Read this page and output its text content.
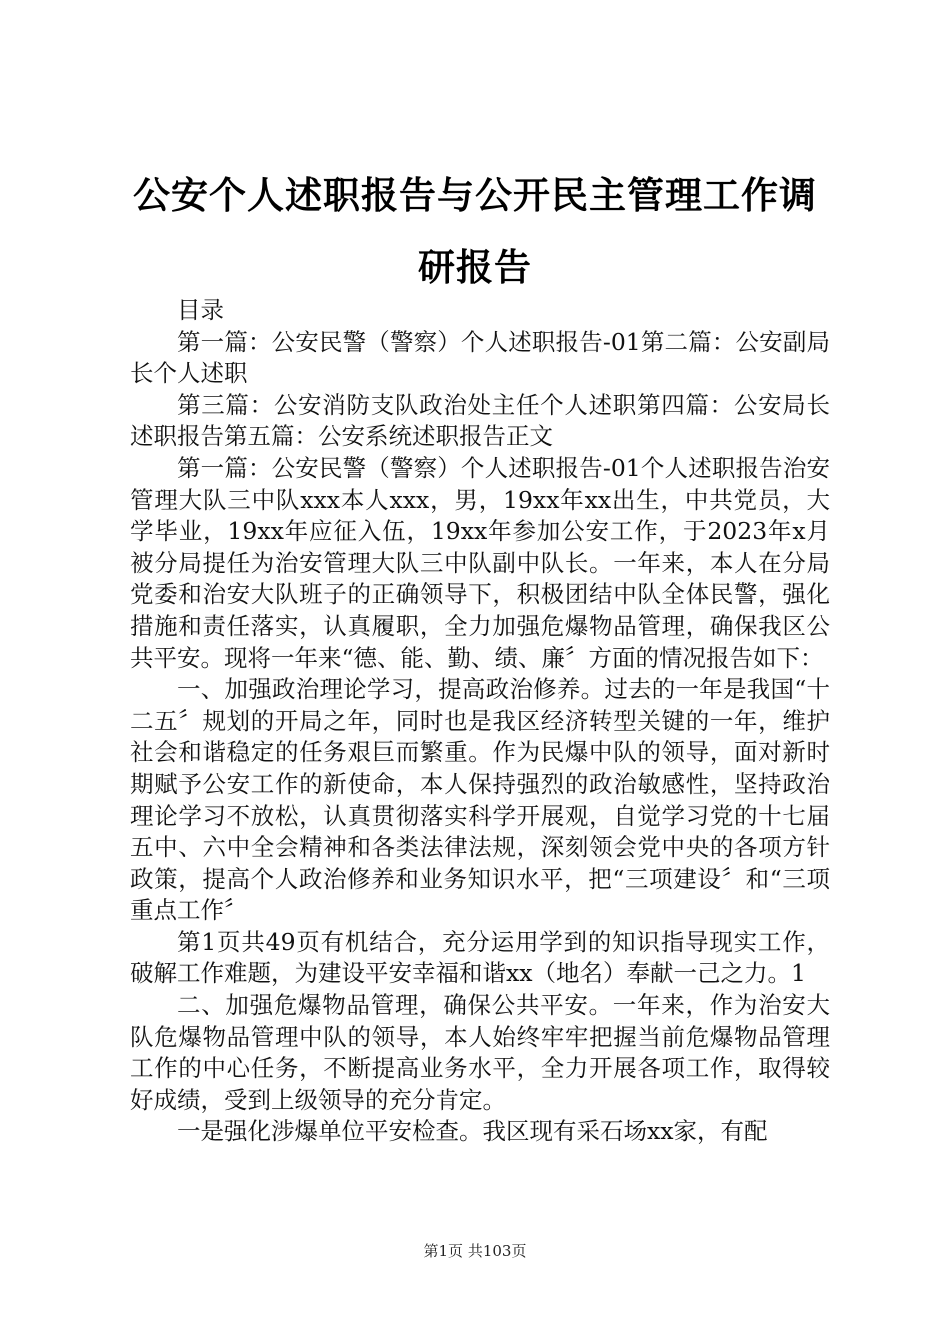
公安个人述职报告与公开民主管理工作调研报告

目录

第一篇：公安民警（警察）个人述职报告-01第二篇：公安副局长个人述职

第三篇：公安消防支队政治处主任个人述职第四篇：公安局长述职报告第五篇：公安系统述职报告正文

第一篇：公安民警（警察）个人述职报告-01个人述职报告治安管理大队三中队xxx本人xxx，男，19xx年xx出生，中共党员，大学毕业，19xx年应征入伍，19xx年参加公安工作，于2023年x月被分局提任为治安管理大队三中队副中队长。一年来，本人在分局党委和治安大队班子的正确领导下，积极团结中队全体民警，强化措施和责任落实，认真履职，全力加强危爆物品管理，确保我区公共平安。现将一年来“德、能、勤、绩、廉〞方面的情况报告如下：

一、加强政治理论学习，提高政治修养。过去的一年是我国“十二五〞规划的开局之年，同时也是我区经济转型关键的一年，维护社会和谐稳定的任务艰巨而繁重。作为民爆中队的领导，面对新时期赋予公安工作的新使命，本人保持强烈的政治敏感性，坚持政治理论学习不放松，认真贯彻落实科学开展观，自觉学习党的十七届五中、六中全会精神和各类法律法规，深刻领会党中央的各项方针政策，提高个人政治修养和业务知识水平，把“三项建设〞和“三项重点工作〞

第1页共49页有机结合，充分运用学到的知识指导现实工作，破解工作难题，为建设平安幸福和谐xx（地名）奉献一己之力。1

二、加强危爆物品管理，确保公共平安。一年来，作为治安大队危爆物品管理中队的领导，本人始终牢牢把握当前危爆物品管理工作的中心任务，不断提高业务水平，全力开展各项工作，取得较好成绩，受到上级领导的充分肯定。

一是强化涉爆单位平安检查。我区现有采石场xx家，有配

第1页 共103页
